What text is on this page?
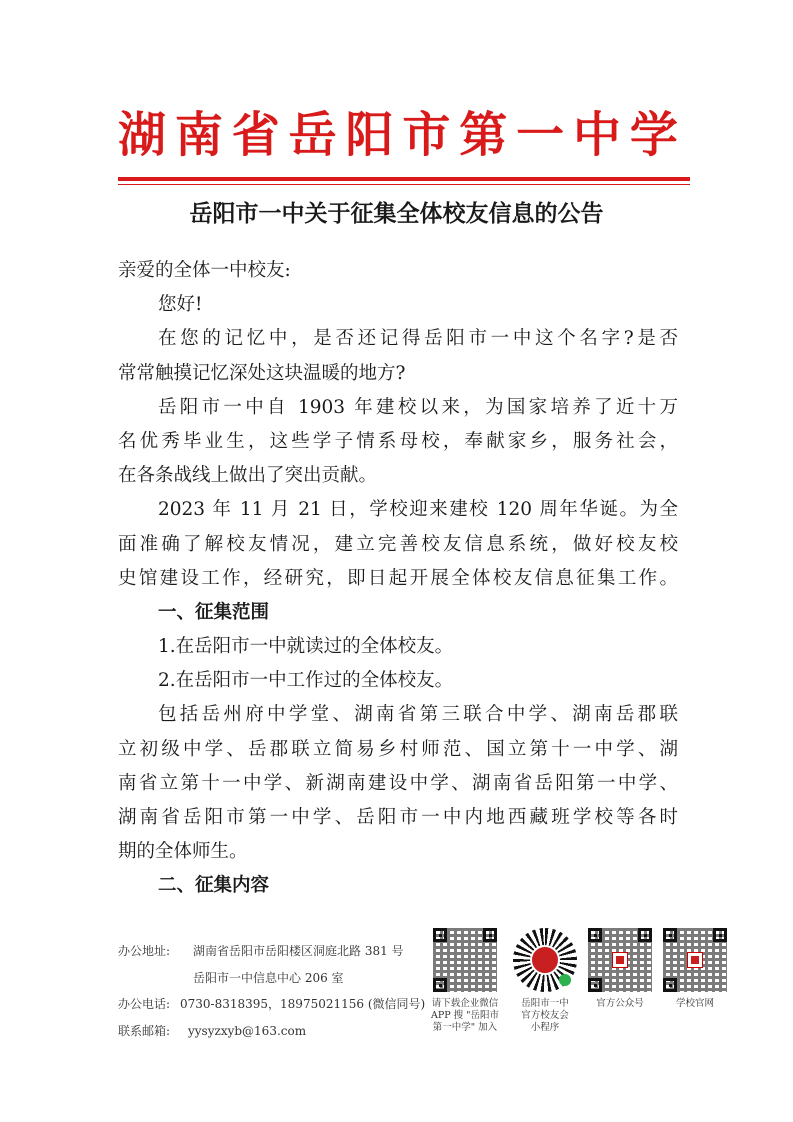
湖 南 省 岳 阳 市 第 一 中 学
岳阳市一中关于征集全体校友信息的公告
亲爱的全体一中校友:
您好!
在您的记忆中，是否还记得岳阳市一中这个名字?是否
常常触摸记忆深处这块温暖的地方?
岳阳市一中自 1903 年建校以来，为国家培养了近十万
名优秀毕业生，这些学子情系母校，奉献家乡，服务社会，
在各条战线上做出了突出贡献。
2023 年 11 月 21 日，学校迎来建校 120 周年华诞。为全
面准确了解校友情况，建立完善校友信息系统，做好校友校
史馆建设工作，经研究，即日起开展全体校友信息征集工作。
一、征集范围
1.在岳阳市一中就读过的全体校友。
2.在岳阳市一中工作过的全体校友。
包括岳州府中学堂、湖南省第三联合中学、湖南岳郡联
立初级中学、岳郡联立简易乡村师范、国立第十一中学、湖
南省立第十一中学、新湖南建设中学、湖南省岳阳第一中学、
湖南省岳阳市第一中学、岳阳市一中内地西藏班学校等各时
期的全体师生。
二、征集内容
办公地址: 湖南省岳阳市岳阳楼区洞庭北路 381 号
岳阳市一中信息中心 206 室
办公电话: 0730-8318395，18975021156 (微信同号)
联系邮箱: yysyzxyb@163.com
请下载企业微信
APP 搜 "岳阳市
第一中学" 加入
岳阳市一中
官方校友会
小程序
官方公众号	学校官网
